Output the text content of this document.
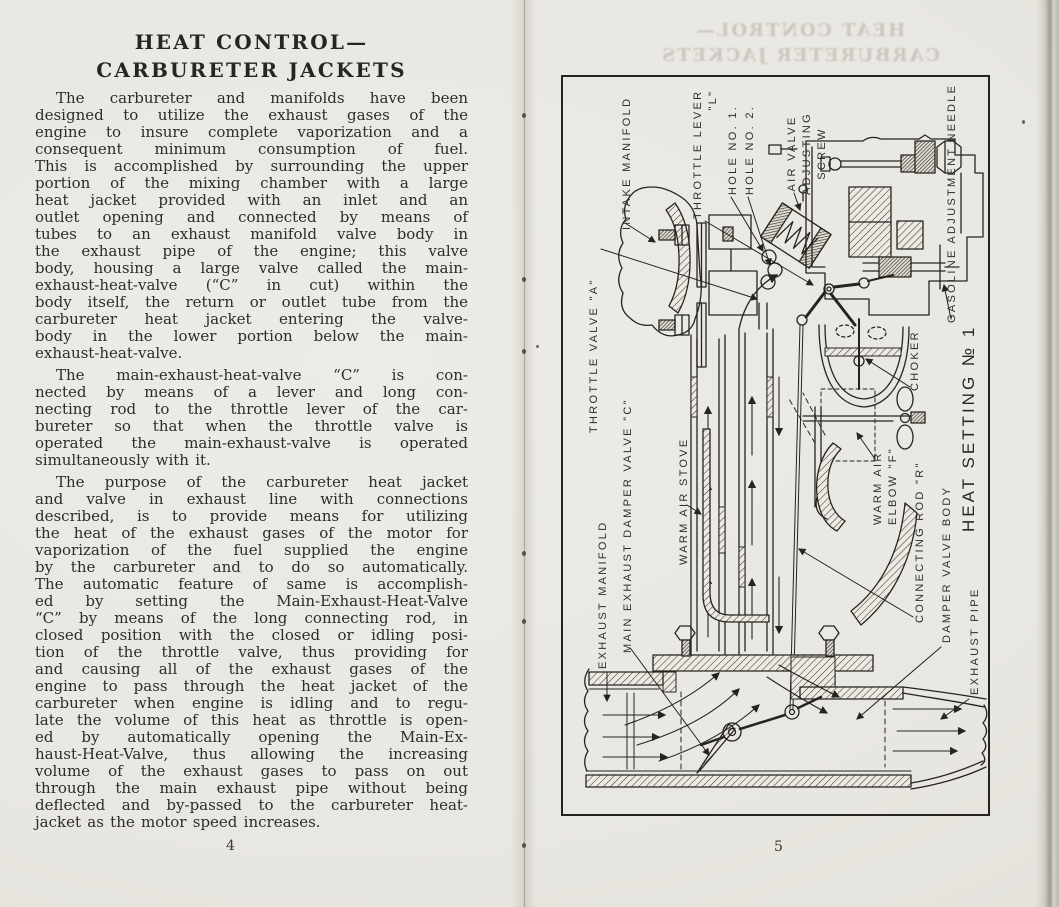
HEAT CONTROL—
CARBURETER JACKETS
The carbureter and manifolds have been
designed to utilize the exhaust gases of the
engine to insure complete vaporization and a
consequent minimum consumption of fuel.
This is accomplished by surrounding the upper
portion of the mixing chamber with a large
heat jacket provided with an inlet and an
outlet opening and connected by means of
tubes to an exhaust manifold valve body in
the exhaust pipe of the engine; this valve
body, housing a large valve called the main-
exhaust-heat-valve (“C” in cut) within the
body itself, the return or outlet tube from the
carbureter heat jacket entering the valve-
body in the lower portion below the main-
exhaust-heat-valve.
The main-exhaust-heat-valve “C” is con-
nected by means of a lever and long con-
necting rod to the throttle lever of the car-
bureter so that when the throttle valve is
operated the main-exhaust-valve is operated
simultaneously with it.
The purpose of the carbureter heat jacket
and valve in exhaust line with connections
described, is to provide means for utilizing
the heat of the exhaust gases of the motor for
vaporization of the fuel supplied the engine
by the carbureter and to do so automatically.
The automatic feature of same is accomplish-
ed by setting the Main-Exhaust-Heat-Valve
“C” by means of the long connecting rod, in
closed position with the closed or idling posi-
tion of the throttle valve, thus providing for
and causing all of the exhaust gases of the
engine to pass through the heat jacket of the
carbureter when engine is idling and to regu-
late the volume of this heat as throttle is open-
ed by automatically opening the Main-Ex-
haust-Heat-Valve, thus allowing the increasing
volume of the exhaust gases to pass on out
through the main exhaust pipe without being
deflected and by-passed to the carbureter heat-
jacket as the motor speed increases.
4
HEAT CONTROL—
CARBURETER JACKETS
INTAKE MANIFOLD	THROTTLE LEVER "L"
HOLE NO. 1. HOLE NO. 2.	AIR VALVE ADJUSTING SCREW	GASOLINE ADJUSTMENT NEEDLE
THROTTLE VALVE "A"	CHOKER
WARM AIR STOVE	WARM AIR ELBOW "F"
MAIN EXHAUST DAMPER VALVE "C"
EXHAUST MANIFOLD	CONNECTING ROD "R" DAMPER VALVE BODY EXHAUST PIPE
HEAT SETTING № 1
5
